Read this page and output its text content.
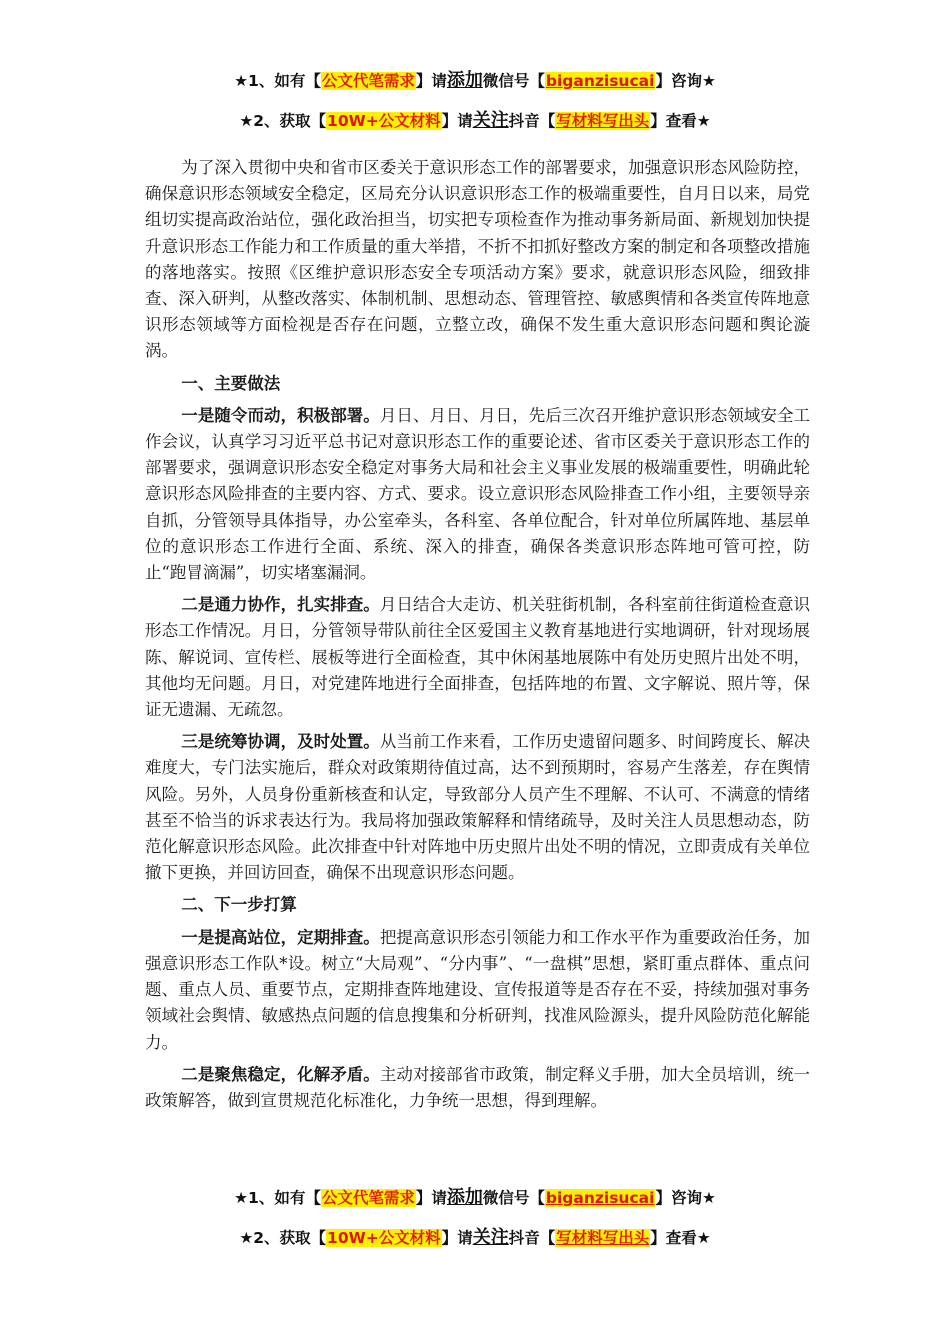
★1、如有【公文代笔需求】请添加微信号【biganzisucai】咨询★
★2、获取【10W+公文材料】请关注抖音【写材料写出头】查看★

为了深入贯彻中央和省市区委关于意识形态工作的部署要求，加强意识形态风险防控，确保意识形态领域安全稳定，区局充分认识意识形态工作的极端重要性，自月日以来，局党组切实提高政治站位，强化政治担当，切实把专项检查作为推动事务新局面、新规划加快提升意识形态工作能力和工作质量的重大举措，不折不扣抓好整改方案的制定和各项整改措施的落地落实。按照《区维护意识形态安全专项活动方案》要求，就意识形态风险，细致排查、深入研判，从整改落实、体制机制、思想动态、管理管控、敏感舆情和各类宣传阵地意识形态领域等方面检视是否存在问题，立整立改，确保不发生重大意识形态问题和舆论漩涡。

一、主要做法

一是随令而动，积极部署。月日、月日、月日，先后三次召开维护意识形态领域安全工作会议，认真学习习近平总书记对意识形态工作的重要论述、省市区委关于意识形态工作的部署要求，强调意识形态安全稳定对事务大局和社会主义事业发展的极端重要性，明确此轮意识形态风险排查的主要内容、方式、要求。设立意识形态风险排查工作小组，主要领导亲自抓，分管领导具体指导，办公室牵头，各科室、各单位配合，针对单位所属阵地、基层单位的意识形态工作进行全面、系统、深入的排查，确保各类意识形态阵地可管可控，防止“跑冒滴漏”，切实堵塞漏洞。

二是通力协作，扎实排查。月日结合大走访、机关驻街机制，各科室前往街道检查意识形态工作情况。月日，分管领导带队前往全区爱国主义教育基地进行实地调研，针对现场展陈、解说词、宣传栏、展板等进行全面检查，其中休闲基地展陈中有处历史照片出处不明，其他均无问题。月日，对党建阵地进行全面排查，包括阵地的布置、文字解说、照片等，保证无遗漏、无疏忽。

三是统筹协调，及时处置。从当前工作来看，工作历史遗留问题多、时间跨度长、解决难度大，专门法实施后，群众对政策期待值过高，达不到预期时，容易产生落差，存在舆情风险。另外，人员身份重新核查和认定，导致部分人员产生不理解、不认可、不满意的情绪甚至不恰当的诉求表达行为。我局将加强政策解释和情绪疏导，及时关注人员思想动态，防范化解意识形态风险。此次排查中针对阵地中历史照片出处不明的情况，立即责成有关单位撤下更换，并回访回查，确保不出现意识形态问题。

二、下一步打算

一是提高站位，定期排查。把提高意识形态引领能力和工作水平作为重要政治任务，加强意识形态工作队*设。树立“大局观”、“分内事”、“一盘棋”思想，紧盯重点群体、重点问题、重点人员、重要节点，定期排查阵地建设、宣传报道等是否存在不妥，持续加强对事务领域社会舆情、敏感热点问题的信息搜集和分析研判，找准风险源头，提升风险防范化解能力。

二是聚焦稳定，化解矛盾。主动对接部省市政策，制定释义手册，加大全员培训，统一政策解答，做到宣贯规范化标准化，力争统一思想，得到理解。

★1、如有【公文代笔需求】请添加微信号【biganzisucai】咨询★
★2、获取【10W+公文材料】请关注抖音【写材料写出头】查看★
